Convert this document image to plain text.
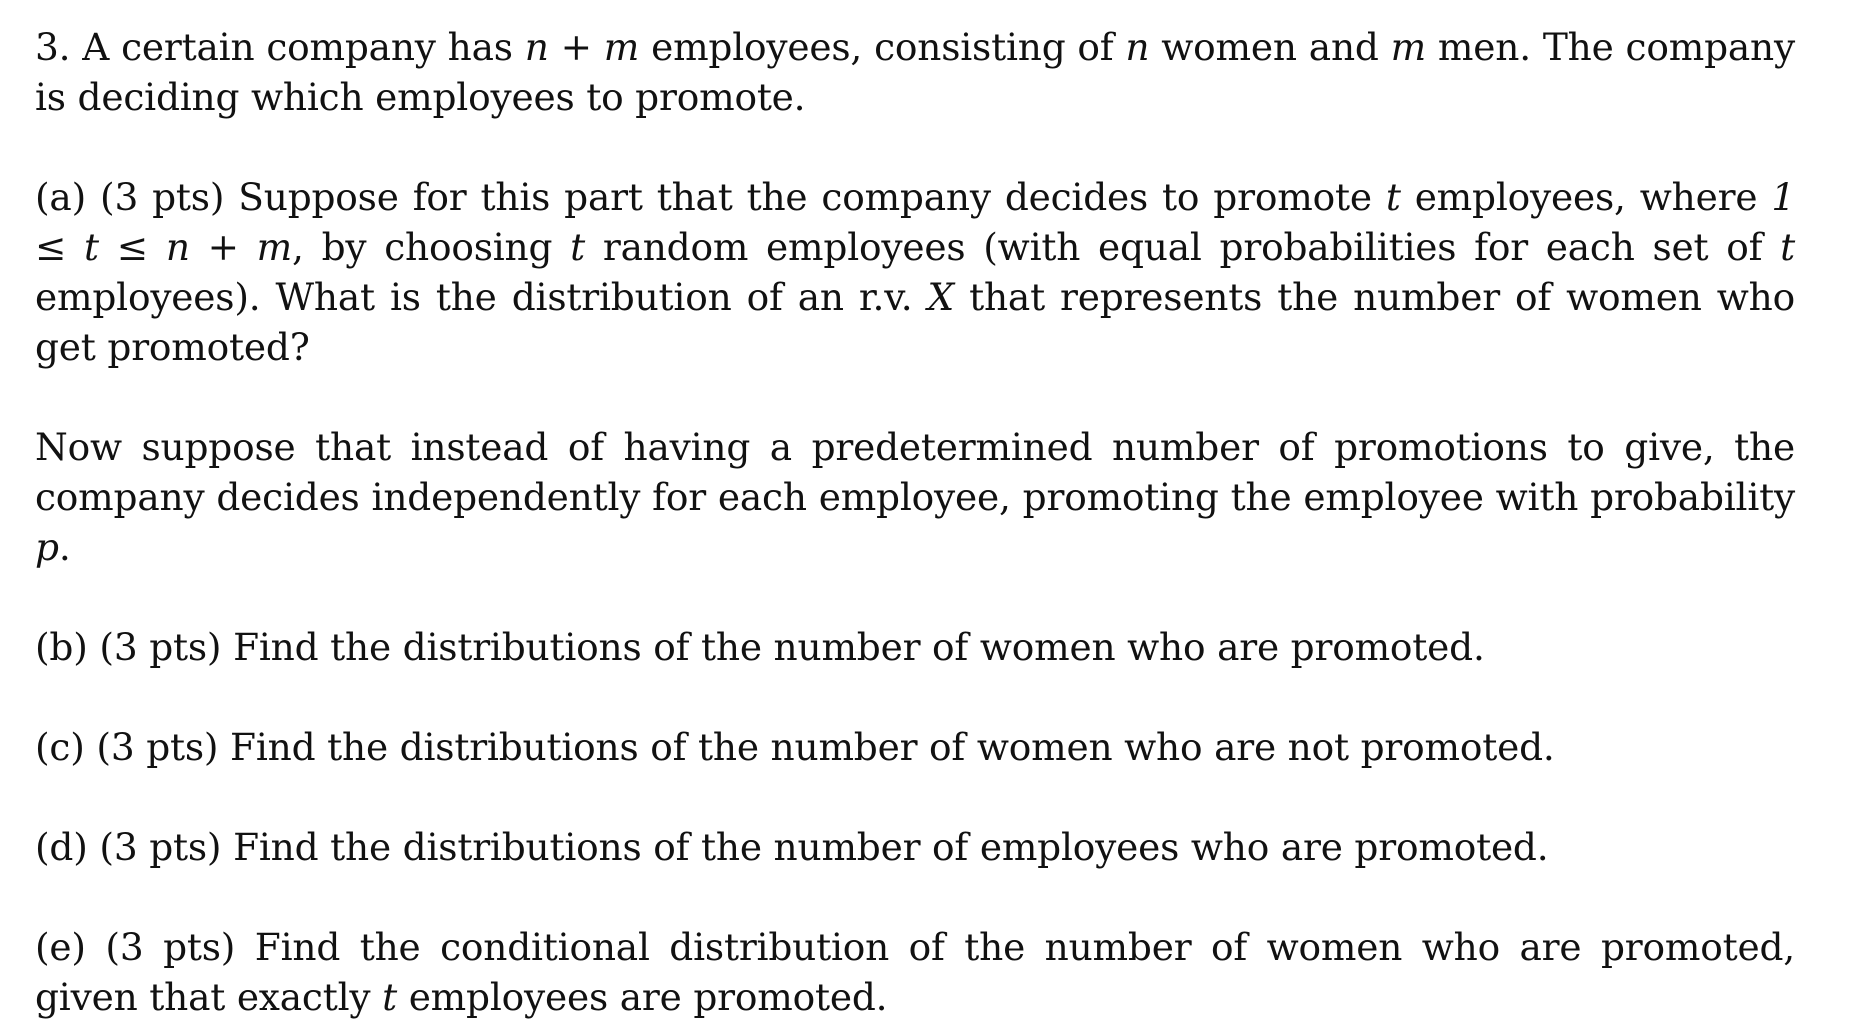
3. A certain company has n + m employees, consisting of n women and m men. The company is deciding which employees to promote.

(a) (3 pts) Suppose for this part that the company decides to promote t employees, where 1 ≤ t ≤ n + m, by choosing t random employees (with equal probabilities for each set of t employees). What is the distribution of an r.v. X that represents the number of women who get promoted?

Now suppose that instead of having a predetermined number of promotions to give, the company decides independently for each employee, promoting the employee with probability p.

(b) (3 pts) Find the distributions of the number of women who are promoted.

(c) (3 pts) Find the distributions of the number of women who are not promoted.

(d) (3 pts) Find the distributions of the number of employees who are promoted.

(e) (3 pts) Find the conditional distribution of the number of women who are promoted, given that exactly t employees are promoted.
